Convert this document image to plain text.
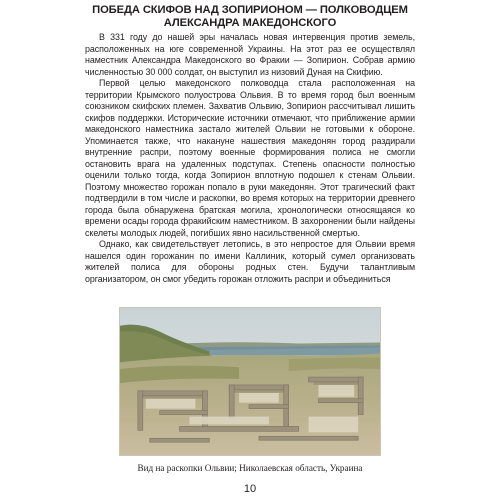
ПОБЕДА СКИФОВ НАД ЗОПИРИОНОМ — ПОЛКОВОДЦЕМ
АЛЕКСАНДРА МАКЕДОНСКОГО

В 331 году до нашей эры началась новая интервенция против земель, расположенных на юге современной Украины. На этот раз ее осуществлял наместник Александра Македонского во Фракии — Зопирион. Собрав армию численностью 30 000 солдат, он выступил из низовий Дуная на Скифию.

Первой целью македонского полководца стала расположенная на территории Крымского полуострова Ольвия. В то время город был военным союзником скифских племен. Захватив Ольвию, Зопирион рассчитывал лишить скифов поддержки. Исторические источники отмечают, что приближение армии македонского наместника застало жителей Ольвии не готовыми к обороне. Упоминается также, что накануне нашествия македонян город раздирали внутренние распри, поэтому военные формирования полиса не смогли остановить врага на удаленных подступах. Степень опасности полностью оценили только тогда, когда Зопирион вплотную подошел к стенам Ольвии. Поэтому множество горожан попало в руки македонян. Этот трагический факт подтвердили в том числе и раскопки, во время которых на территории древнего города была обнаружена братская могила, хронологически относящаяся ко времени осады города фракийским наместником. В захоронении были найдены скелеты молодых людей, погибших явно насильственной смертью.

Однако, как свидетельствует летопись, в это непростое для Ольвии время нашелся один горожанин по имени Каллиник, который сумел организовать жителей полиса для обороны родных стен. Будучи талантливым организатором, он смог убедить горожан отложить распри и объединиться

Вид на раскопки Ольвии; Николаевская область, Украина

10
